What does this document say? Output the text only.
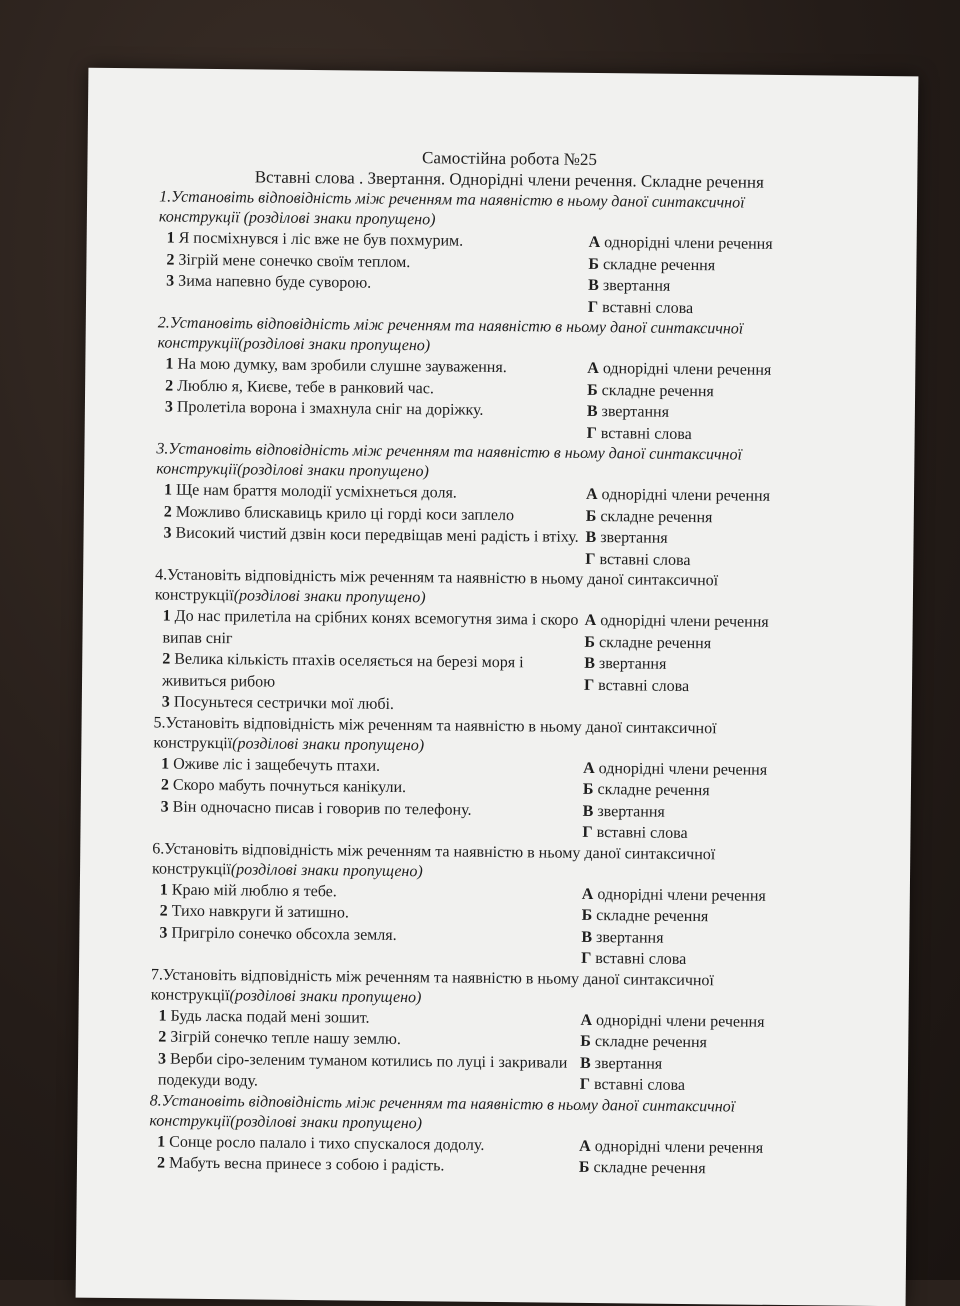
Самостійна робота №25
Вставні слова . Звертання. Однорідні члени речення. Складне речення
1.Установіть відповідність між реченням та наявністю в ньому даної синтаксичної
конструкції (розділові знаки пропущено)
1 Я посміхнувся і ліс вже не був похмурим.
2 Зігрій мене сонечко своїм теплом.
3 Зима напевно буде суворою.
А однорідні члени речення
Б складне речення
В звертання
Г вставні слова
2.Установіть відповідність між реченням та наявністю в ньому даної синтаксичної
конструкції(розділові знаки пропущено)
1 На мою думку, вам зробили слушне зауваження.
2 Люблю я, Києве, тебе в ранковий час.
3 Пролетіла ворона і змахнула сніг на доріжку.
А однорідні члени речення
Б складне речення
В звертання
Г вставні слова
3.Установіть відповідність між реченням та наявністю в ньому даної синтаксичної
конструкції(розділові знаки пропущено)
1 Ще нам браття молодії усміхнеться доля.
2 Можливо блискавиць крило ці горді коси заплело
3 Високий чистий дзвін коси передвіщав мені радість і втіху.
А однорідні члени речення
Б складне речення
В звертання
Г вставні слова
4.Установіть відповідність між реченням та наявністю в ньому даної синтаксичної
конструкції(розділові знаки пропущено)
1 До нас прилетіла на срібних конях всемогутня зима і скоро випав сніг
2 Велика кількість птахів оселяється на березі моря і живиться рибою
3 Посуньтеся сестрички мої любі.
А однорідні члени речення
Б складне речення
В звертання
Г вставні слова
5.Установіть відповідність між реченням та наявністю в ньому даної синтаксичної
конструкції(розділові знаки пропущено)
1 Оживе ліс і защебечуть птахи.
2 Скоро мабуть почнуться канікули.
3 Він одночасно писав і говорив по телефону.
А однорідні члени речення
Б складне речення
В звертання
Г вставні слова
6.Установіть відповідність між реченням та наявністю в ньому даної синтаксичної
конструкції(розділові знаки пропущено)
1 Краю мій люблю я тебе.
2 Тихо навкруги й затишно.
3 Пригріло сонечко обсохла земля.
А однорідні члени речення
Б складне речення
В звертання
Г вставні слова
7.Установіть відповідність між реченням та наявністю в ньому даної синтаксичної
конструкції(розділові знаки пропущено)
1 Будь ласка подай мені зошит.
2 Зігрій сонечко тепле нашу землю.
3 Верби сіро-зеленим туманом котились по луці і закривали подекуди воду.
А однорідні члени речення
Б складне речення
В звертання
Г вставні слова
8.Установіть відповідність між реченням та наявністю в ньому даної синтаксичної
конструкції(розділові знаки пропущено)
1 Сонце росло палало і тихо спускалося додолу.
2 Мабуть весна принесе з собою і радість.
А однорідні члени речення
Б складне речення
